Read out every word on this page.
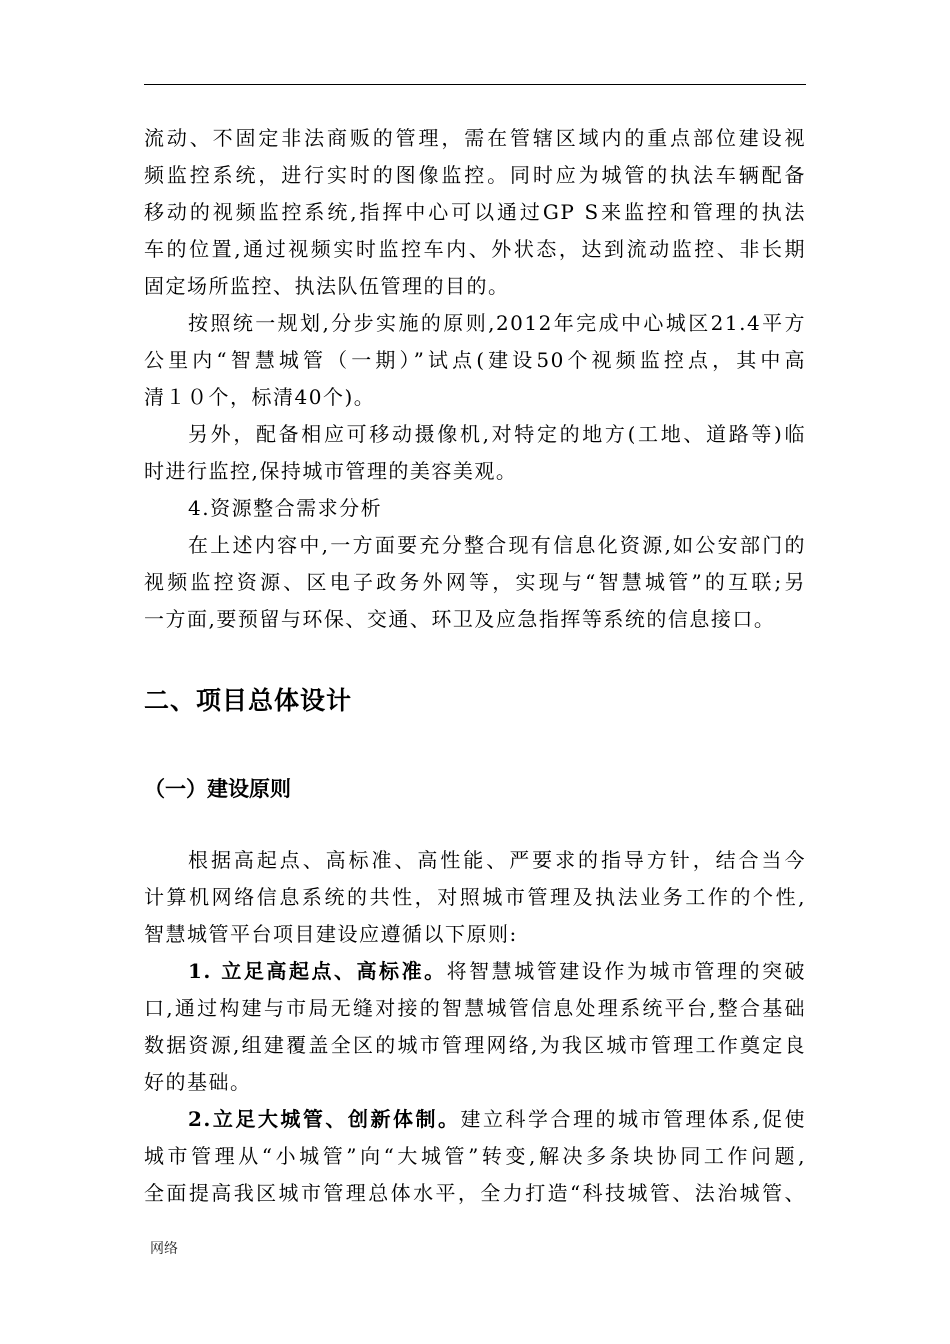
流动、不固定非法商贩的管理，需在管辖区域内的重点部位建设视
频监控系统，进行实时的图像监控。同时应为城管的执法车辆配备
移动的视频监控系统,指挥中心可以通过GP S来监控和管理的执法
车的位置,通过视频实时监控车内、外状态，达到流动监控、非长期
固定场所监控、执法队伍管理的目的。
按照统一规划,分步实施的原则,2012年完成中心城区21.4平方
公里内“智慧城管（一期）”试点(建设50个视频监控点，其中高
清１０个，标清40个)。
另外，配备相应可移动摄像机,对特定的地方(工地、道路等)临
时进行监控,保持城市管理的美容美观。
4.资源整合需求分析
在上述内容中,一方面要充分整合现有信息化资源,如公安部门的
视频监控资源、区电子政务外网等，实现与“智慧城管”的互联;另
一方面,要预留与环保、交通、环卫及应急指挥等系统的信息接口。
二、项目总体设计
（一）建设原则
根据高起点、高标准、高性能、严要求的指导方针，结合当今
计算机网络信息系统的共性，对照城市管理及执法业务工作的个性,
智慧城管平台项目建设应遵循以下原则:
1. 立足高起点、高标准。将智慧城管建设作为城市管理的突破
口,通过构建与市局无缝对接的智慧城管信息处理系统平台,整合基础
数据资源,组建覆盖全区的城市管理网络,为我区城市管理工作奠定良
好的基础。
2.立足大城管、创新体制。建立科学合理的城市管理体系,促使
城市管理从“小城管”向“大城管”转变,解决多条块协同工作问题,
全面提高我区城市管理总体水平，全力打造“科技城管、法治城管、
网络
